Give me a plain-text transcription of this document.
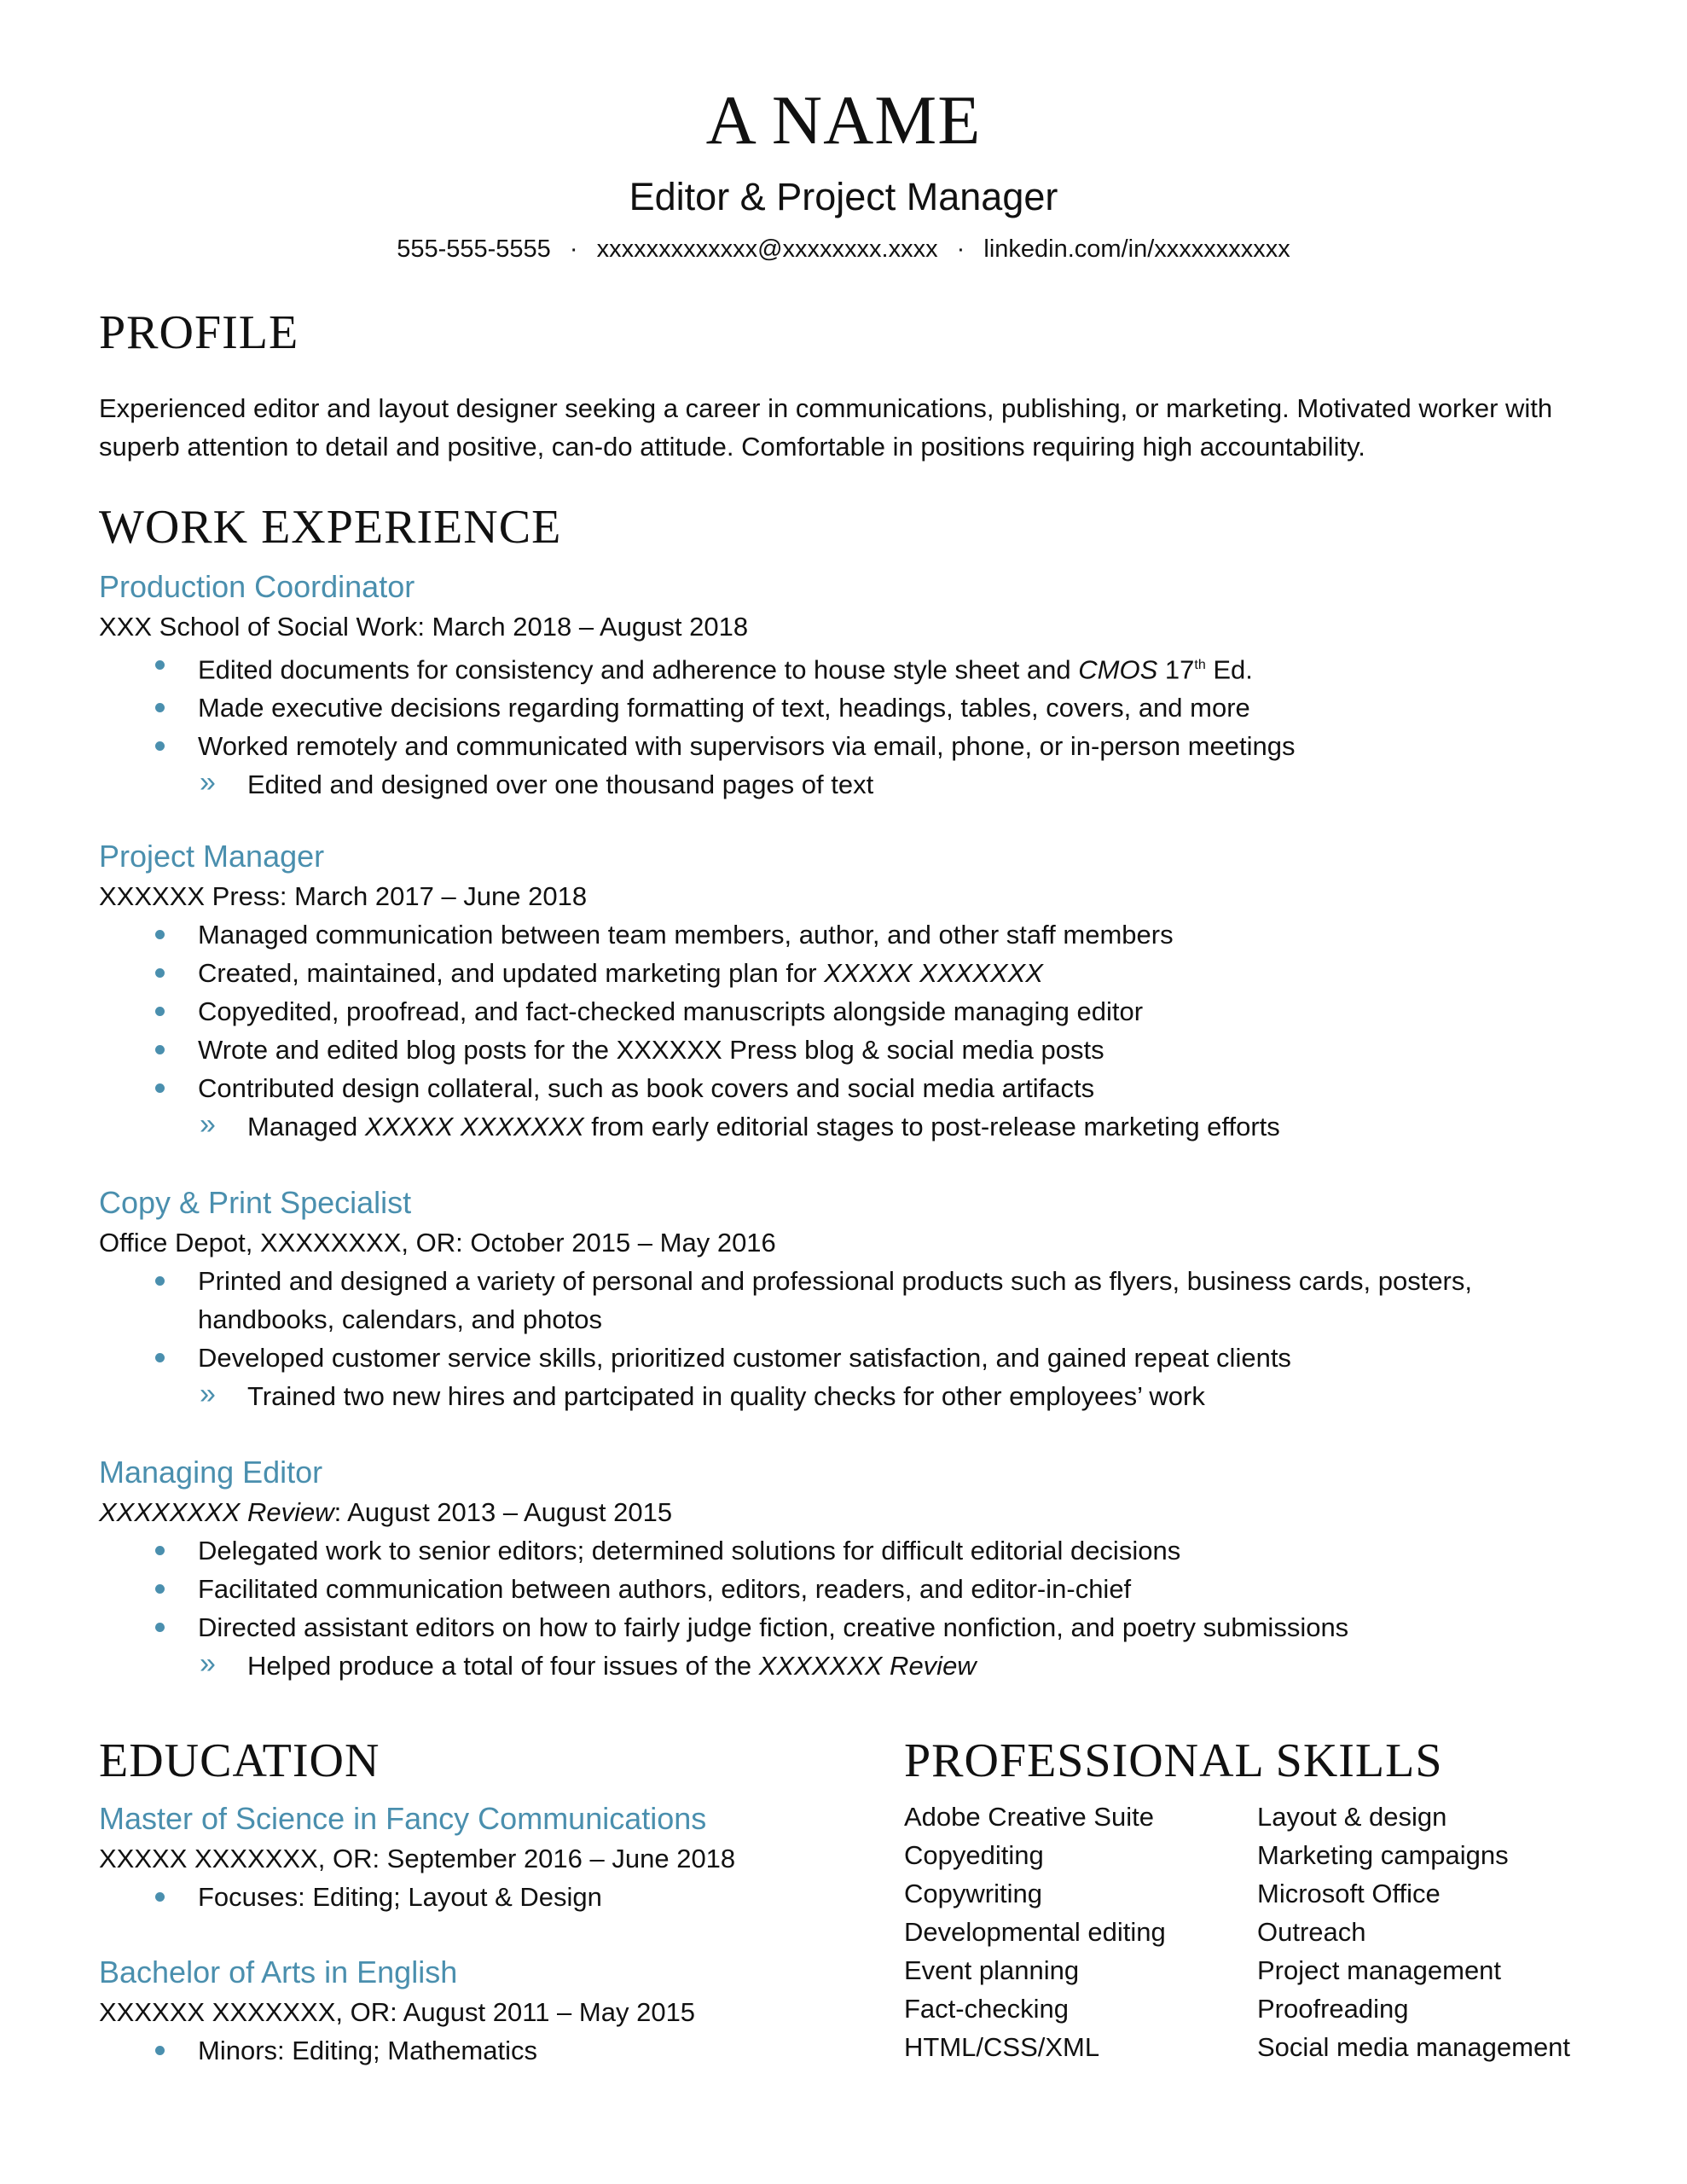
A NAME
Editor & Project Manager
555-555-5555 · xxxxxxxxxxxxx@xxxxxxxx.xxxx · linkedin.com/in/xxxxxxxxxxx
PROFILE
Experienced editor and layout designer seeking a career in communications, publishing, or marketing. Motivated worker with superb attention to detail and positive, can-do attitude. Comfortable in positions requiring high accountability.
WORK EXPERIENCE
Production Coordinator
XXX School of Social Work: March 2018 – August 2018
Edited documents for consistency and adherence to house style sheet and CMOS 17th Ed.
Made executive decisions regarding formatting of text, headings, tables, covers, and more
Worked remotely and communicated with supervisors via email, phone, or in-person meetings
» Edited and designed over one thousand pages of text
Project Manager
XXXXXX Press: March 2017 – June 2018
Managed communication between team members, author, and other staff members
Created, maintained, and updated marketing plan for XXXXX XXXXXXX
Copyedited, proofread, and fact-checked manuscripts alongside managing editor
Wrote and edited blog posts for the XXXXXX Press blog & social media posts
Contributed design collateral, such as book covers and social media artifacts
» Managed XXXXX XXXXXXX from early editorial stages to post-release marketing efforts
Copy & Print Specialist
Office Depot, XXXXXXXX, OR: October 2015 – May 2016
Printed and designed a variety of personal and professional products such as flyers, business cards, posters, handbooks, calendars, and photos
Developed customer service skills, prioritized customer satisfaction, and gained repeat clients
» Trained two new hires and partcipated in quality checks for other employees’ work
Managing Editor
XXXXXXXX Review: August 2013 – August 2015
Delegated work to senior editors; determined solutions for difficult editorial decisions
Facilitated communication between authors, editors, readers, and editor-in-chief
Directed assistant editors on how to fairly judge fiction, creative nonfiction, and poetry submissions
» Helped produce a total of four issues of the XXXXXXX Review
EDUCATION
Master of Science in Fancy Communications
XXXXX XXXXXXX, OR: September 2016 – June 2018
Focuses: Editing; Layout & Design
Bachelor of Arts in English
XXXXXX XXXXXXX, OR: August 2011 – May 2015
Minors: Editing; Mathematics
PROFESSIONAL SKILLS
Adobe Creative Suite
Copyediting
Copywriting
Developmental editing
Event planning
Fact-checking
HTML/CSS/XML
Layout & design
Marketing campaigns
Microsoft Office
Outreach
Project management
Proofreading
Social media management
